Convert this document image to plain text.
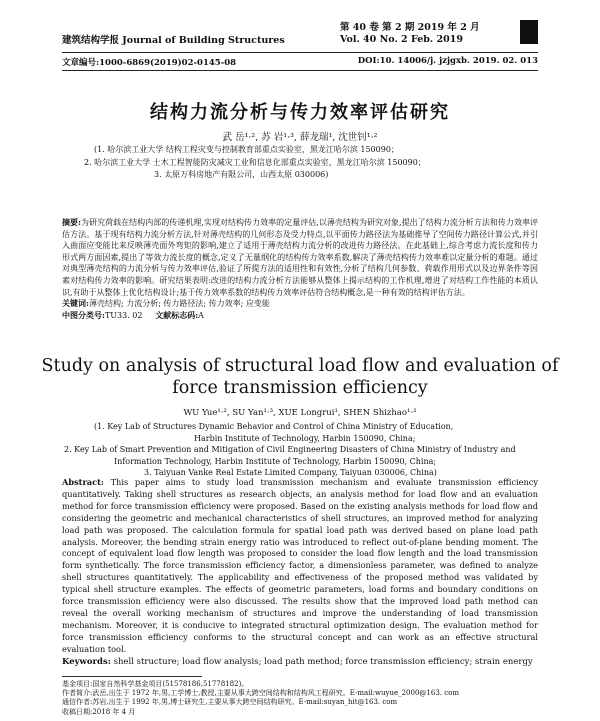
建筑结构学报 Journal of Building Structures
第 40 卷 第 2 期 2019 年 2 月
Vol. 40 No. 2 Feb. 2019
文章编号:1000-6869(2019)02-0145-08	DOI:10. 14006/j. jzjgxb. 2019. 02. 013
结构力流分析与传力效率评估研究
武 岳¹·², 苏 岩¹·³, 薛龙瑞¹, 沈世钊¹·²
(1. 哈尔滨工业大学 结构工程灾变与控制教育部重点实验室，黑龙江哈尔滨 150090；
2. 哈尔滨工业大学 土木工程智能防灾减灾工业和信息化部重点实验室，黑龙江哈尔滨 150090；
3. 太原万科房地产有限公司，山西太原 030006)
摘要:为研究荷载在结构内部的传递机理,实现对结构传力效率的定量评估,以薄壳结构为研究对象,提出了结构力流分析方法和传力效率评估方法。基于现有结构力流分析方法,针对薄壳结构的几何形态及受力特点,以平面传力路径法为基础推导了空间传力路径计算公式,并引入曲面应变能比来反映薄壳面外弯矩的影响,建立了适用于薄壳结构力流分析的改进传力路径法。在此基础上,综合考虑力流长度和传力形式两方面因素,提出了等效力流长度的概念,定义了无量纲化的结构传力效率系数,解决了薄壳结构传力效率难以定量分析的难题。通过对典型薄壳结构的力流分析与传力效率评估,验证了所提方法的适用性和有效性,分析了结构几何参数、荷载作用形式以及边界条件等因素对结构传力效率的影响。研究结果表明:改进的结构力流分析方法能够从整体上揭示结构的工作机理,增进了对结构工作性能的本质认识,有助于从整体上优化结构设计;基于传力效率系数的结构传力效率评估符合结构概念,是一种有效的结构评估方法。
关键词:薄壳结构; 力流分析; 传力路径法; 传力效率; 应变能
中图分类号:TU33. 02 文献标志码:A
Study on analysis of structural load flow and evaluation of
force transmission efficiency
WU Yue¹·², SU Yan¹·³, XUE Longrui¹, SHEN Shizhao¹·²
(1. Key Lab of Structures Dynamic Behavior and Control of China Ministry of Education,
Harbin Institute of Technology, Harbin 150090, China;
2. Key Lab of Smart Prevention and Mitigation of Civil Engineering Disasters of China Ministry of Industry and
Information Technology, Harbin Institute of Technology, Harbin 150090, China;
3. Taiyuan Vanke Real Estate Limited Company, Taiyuan 030006, China)
Abstract: This paper aims to study load transmission mechanism and evaluate transmission efficiency quantitatively. Taking shell structures as research objects, an analysis method for load flow and an evaluation method for force transmission efficiency were proposed. Based on the existing analysis methods for load flow and considering the geometric and mechanical characteristics of shell structures, an improved method for analyzing load path was proposed. The calculation formula for spatial load path was derived based on plane load path analysis. Moreover, the bending strain energy ratio was introduced to reflect out-of-plane bending moment. The concept of equivalent load flow length was proposed to consider the load flow length and the load transmission form synthetically. The force transmission efficiency factor, a dimensionless parameter, was defined to analyze shell structures quantitatively. The applicability and effectiveness of the proposed method was validated by typical shell structure examples. The effects of geometric parameters, load forms and boundary conditions on force transmission efficiency were also discussed. The results show that the improved load path method can reveal the overall working mechanism of structures and improve the understanding of load transmission mechanism. Moreover, it is conducive to integrated structural optimization design. The evaluation method for force transmission efficiency conforms to the structural concept and can work as an effective structural evaluation tool.
Keywords: shell structure; load flow analysis; load path method; force transmission efficiency; strain energy
基金项目:国家自然科学基金项目(51578186,51778182)。
作者简介:武岳,出生于 1972 年,男,工学博士,教授,主要从事大跨空间结构和结构风工程研究。E-mail:wuyue_2000@163. com
通信作者:苏岩,出生于 1992 年,男,博士研究生,主要从事大跨空间结构研究。E-mail:suyan_hit@163. com
收稿日期:2018 年 4 月
